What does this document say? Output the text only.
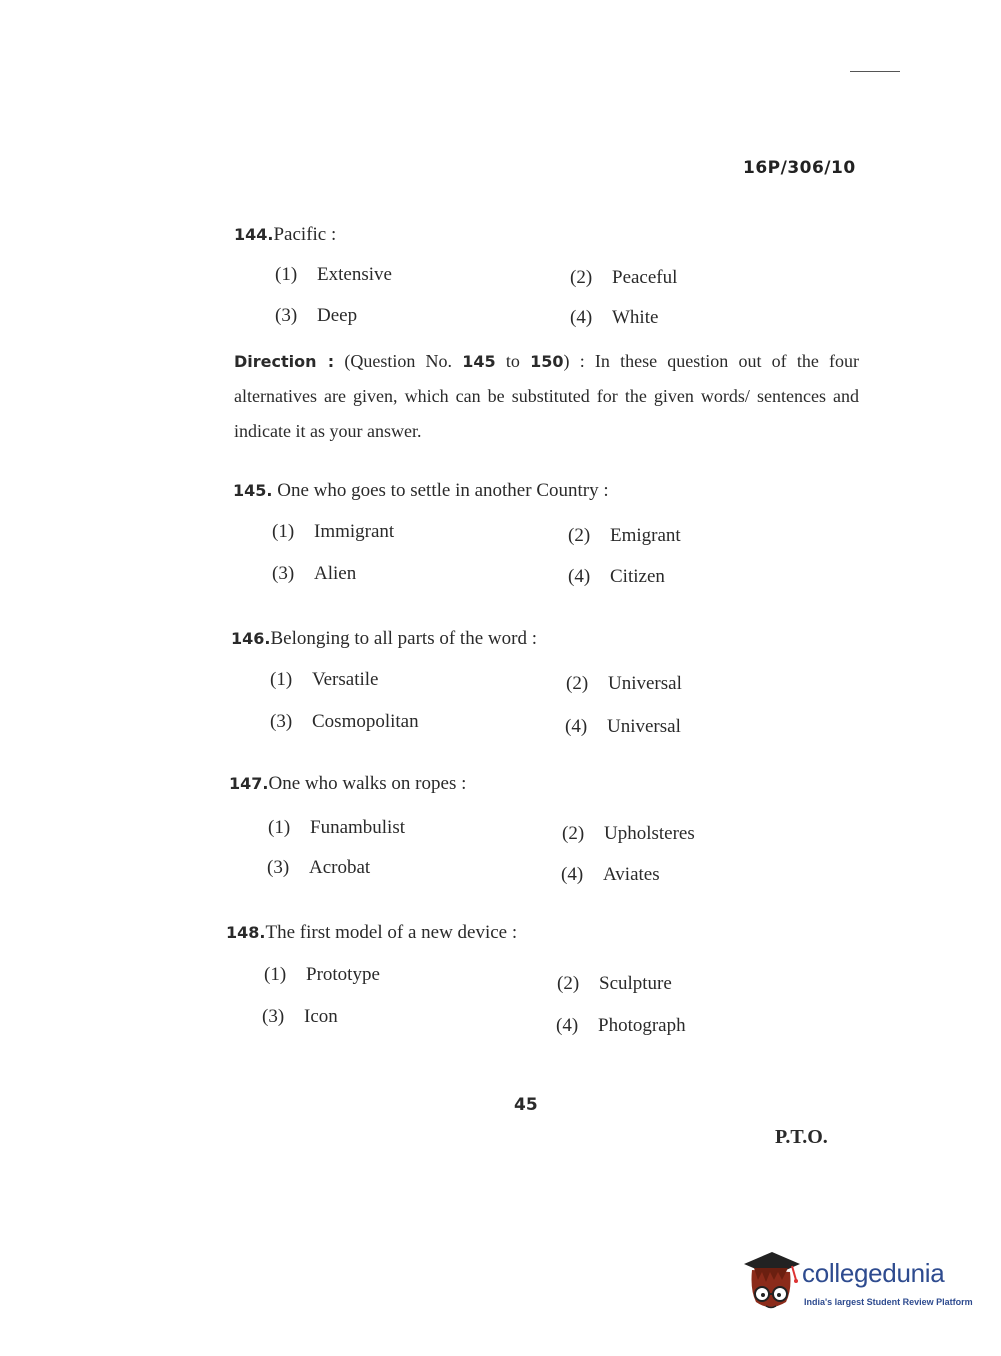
16P/306/10
144.Pacific :
(1) Extensive	(2) Peaceful
(3) Deep	(4) White
Direction : (Question No. 145 to 150) : In these question out of the four alternatives are given, which can be substituted for the given words/ sentences and indicate it as your answer.
145. One who goes to settle in another Country :
(1) Immigrant	(2) Emigrant
(3) Alien	(4) Citizen
146.Belonging to all parts of the word :
(1) Versatile	(2) Universal
(3) Cosmopolitan	(4) Universal
147.One who walks on ropes :
(1) Funambulist	(2) Upholsteres
(3) Acrobat	(4) Aviates
148.The first model of a new device :
(1) Prototype	(2) Sculpture
(3) Icon	(4) Photograph
45
P.T.O.
collegedunia
India's largest Student Review Platform
